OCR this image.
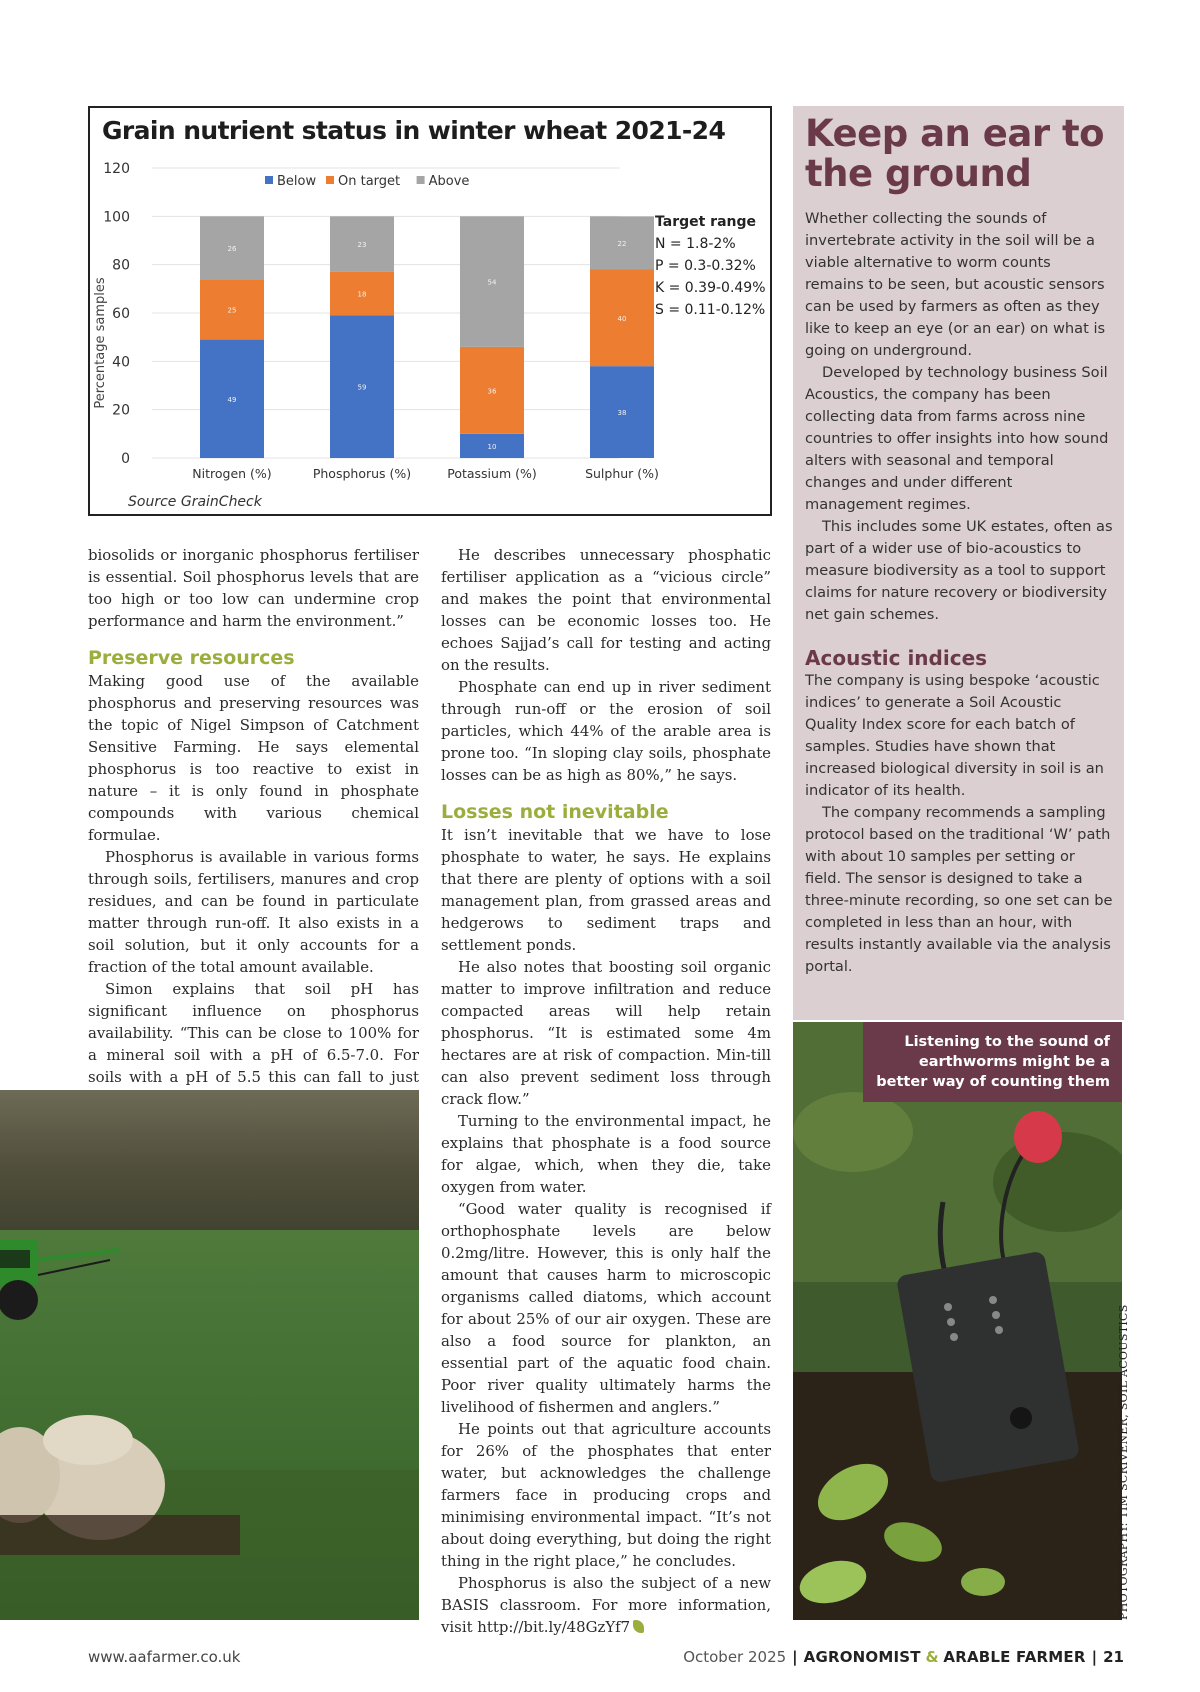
Grain nutrient status in winter wheat 2021-24
0
20
40
60
80
100
120
Percentage samples
Below On target Above
49
25
26
Nitrogen (%)
59
18
23
Phosphorus (%)
10
36
54
Potassium (%)
38
40
22
Sulphur (%)
Target range
N = 1.8-2%
P = 0.3-0.32%
K = 0.39-0.49%
S = 0.11-0.12%
Source GrainCheck

biosolids or inorganic phosphorus fertiliser is essential. Soil phosphorus levels that are too high or too low can undermine crop performance and harm the environment.”

Preserve resources

Making good use of the available phosphorus and preserving resources was the topic of Nigel Simpson of Catchment Sensitive Farming. He says elemental phosphorus is too reactive to exist in nature – it is only found in phosphate compounds with various chemical formulae.

Phosphorus is available in various forms through soils, fertilisers, manures and crop residues, and can be found in particulate matter through run-off. It also exists in a soil solution, but it only accounts for a fraction of the total amount available.

Simon explains that soil pH has significant influence on phosphorus availability. “This can be close to 100% for a mineral soil with a pH of 6.5-7.0. For soils with a pH of 5.5 this can fall to just

He describes unnecessary phosphatic fertiliser application as a “vicious circle” and makes the point that environmental losses can be economic losses too. He echoes Sajjad’s call for testing and acting on the results.

Phosphate can end up in river sediment through run-off or the erosion of soil particles, which 44% of the arable area is prone too. “In sloping clay soils, phosphate losses can be as high as 80%,” he says.

Losses not inevitable

It isn’t inevitable that we have to lose phosphate to water, he says. He explains that there are plenty of options with a soil management plan, from grassed areas and hedgerows to sediment traps and settlement ponds.

He also notes that boosting soil organic matter to improve infiltration and reduce compacted areas will help retain phosphorus. “It is estimated some 4m hectares are at risk of compaction. Min-till can also prevent sediment loss through crack flow.”

Turning to the environmental impact, he explains that phosphate is a food source for algae, which, when they die, take oxygen from water.

“Good water quality is recognised if orthophosphate levels are below 0.2mg/litre. However, this is only half the amount that causes harm to microscopic organisms called diatoms, which account for about 25% of our air oxygen. These are also a food source for plankton, an essential part of the aquatic food chain. Poor river quality ultimately harms the livelihood of fishermen and anglers.”

He points out that agriculture accounts for 26% of the phosphates that enter water, but acknowledges the challenge farmers face in producing crops and minimising environmental impact. “It’s not about doing everything, but doing the right thing in the right place,” he concludes.

Phosphorus is also the subject of a new BASIS classroom. For more information, visit http://bit.ly/48GzYf7

Keep an ear to the ground

Whether collecting the sounds of invertebrate activity in the soil will be a viable alternative to worm counts remains to be seen, but acoustic sensors can be used by farmers as often as they like to keep an eye (or an ear) on what is going on underground.

Developed by technology business Soil Acoustics, the company has been collecting data from farms across nine countries to offer insights into how sound alters with seasonal and temporal changes and under different management regimes.

This includes some UK estates, often as part of a wider use of bio-acoustics to measure biodiversity as a tool to support claims for nature recovery or biodiversity net gain schemes.

Acoustic indices

The company is using bespoke ‘acoustic indices’ to generate a Soil Acoustic Quality Index score for each batch of samples. Studies have shown that increased biological diversity in soil is an indicator of its health.

The company recommends a sampling protocol based on the traditional ‘W’ path with about 10 samples per setting or field. The sensor is designed to take a three-minute recording, so one set can be completed in less than an hour, with results instantly available via the analysis portal.

Listening to the sound of earthworms might be a better way of counting them
PHOTOGRAPHY: TIM SCRIVENER, SOIL ACOUSTICS
www.aafarmer.co.uk	October 2025 | AGRONOMIST & ARABLE FARMER | 21
